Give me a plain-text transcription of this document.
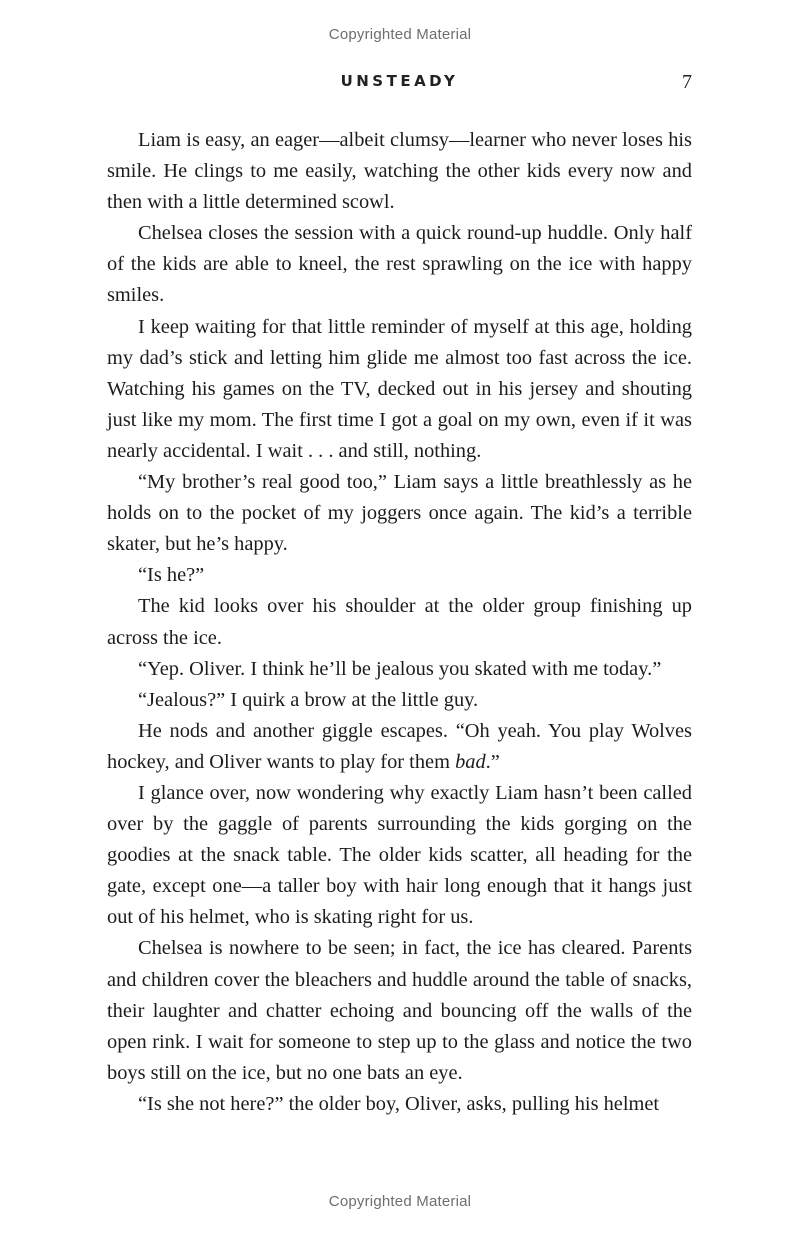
Copyrighted Material
UNSTEADY	7

Liam is easy, an eager—albeit clumsy—learner who never loses his smile. He clings to me easily, watching the other kids every now and then with a little determined scowl.

Chelsea closes the session with a quick round-up huddle. Only half of the kids are able to kneel, the rest sprawling on the ice with happy smiles.

I keep waiting for that little reminder of myself at this age, holding my dad’s stick and letting him glide me almost too fast across the ice. Watching his games on the TV, decked out in his jersey and shouting just like my mom. The first time I got a goal on my own, even if it was nearly accidental. I wait . . . and still, nothing.

“My brother’s real good too,” Liam says a little breathlessly as he holds on to the pocket of my joggers once again. The kid’s a terrible skater, but he’s happy.

“Is he?”

The kid looks over his shoulder at the older group finishing up across the ice.

“Yep. Oliver. I think he’ll be jealous you skated with me today.”

“Jealous?” I quirk a brow at the little guy.

He nods and another giggle escapes. “Oh yeah. You play Wolves hockey, and Oliver wants to play for them bad.”

I glance over, now wondering why exactly Liam hasn’t been called over by the gaggle of parents surrounding the kids gorging on the goodies at the snack table. The older kids scatter, all heading for the gate, except one—a taller boy with hair long enough that it hangs just out of his helmet, who is skating right for us.

Chelsea is nowhere to be seen; in fact, the ice has cleared. Parents and children cover the bleachers and huddle around the table of snacks, their laughter and chatter echoing and bouncing off the walls of the open rink. I wait for someone to step up to the glass and notice the two boys still on the ice, but no one bats an eye.

“Is she not here?” the older boy, Oliver, asks, pulling his helmet

Copyrighted Material
